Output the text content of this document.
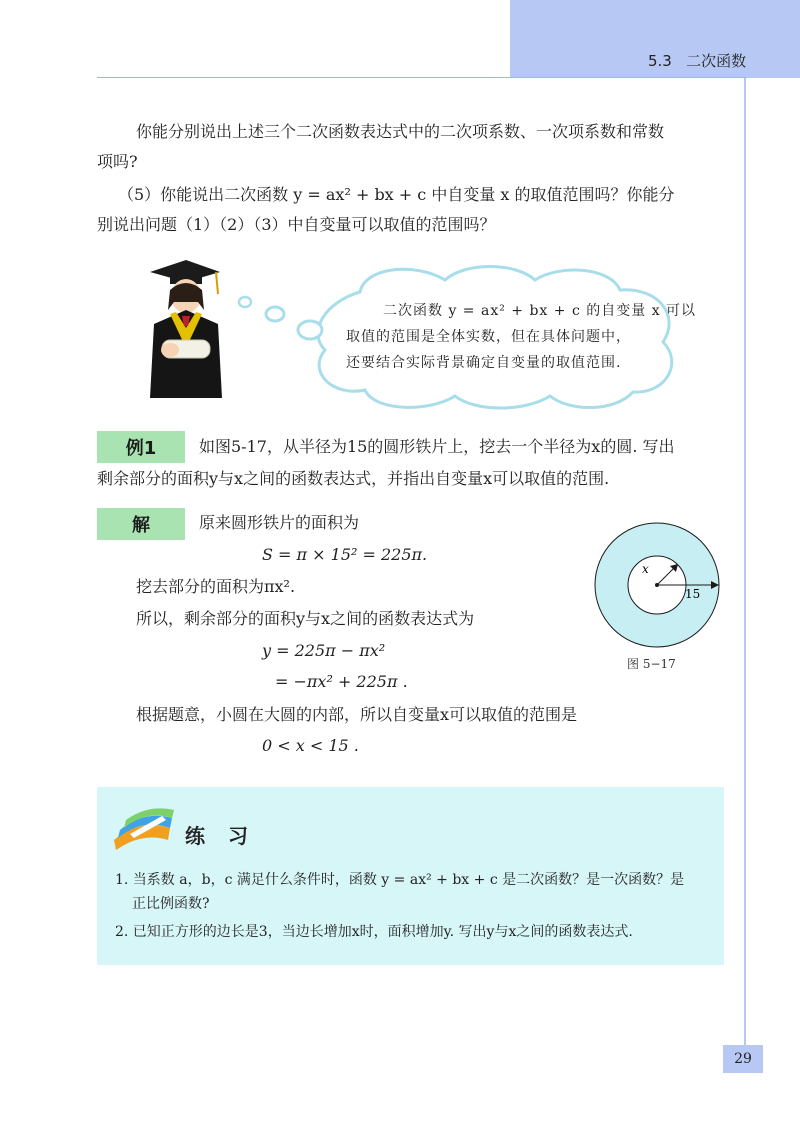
5.3   二次函数
你能分别说出上述三个二次函数表达式中的二次项系数、一次项系数和常数
项吗?
（5）你能说出二次函数 y = ax² + bx + c 中自变量 x 的取值范围吗？你能分
别说出问题（1）（2）（3）中自变量可以取值的范围吗？
二次函数 y = ax² + bx + c 的自变量 x 可以
取值的范围是全体实数，但在具体问题中，
还要结合实际背景确定自变量的取值范围.
例1	如图5-17，从半径为15的圆形铁片上，挖去一个半径为x的圆. 写出
剩余部分的面积y与x之间的函数表达式，并指出自变量x可以取值的范围.
解	原来圆形铁片的面积为
S = π × 15² = 225π.
挖去部分的面积为πx².
所以，剩余部分的面积y与x之间的函数表达式为
y = 225π − πx²
= −πx² + 225π .
根据题意，小圆在大圆的内部，所以自变量x可以取值的范围是
0 < x < 15 .
x
15
图 5−17
练 习
1. 当系数 a，b，c 满足什么条件时，函数 y = ax² + bx + c 是二次函数？是一次函数？是
正比例函数?
2. 已知正方形的边长是3，当边长增加x时，面积增加y. 写出y与x之间的函数表达式.
29
